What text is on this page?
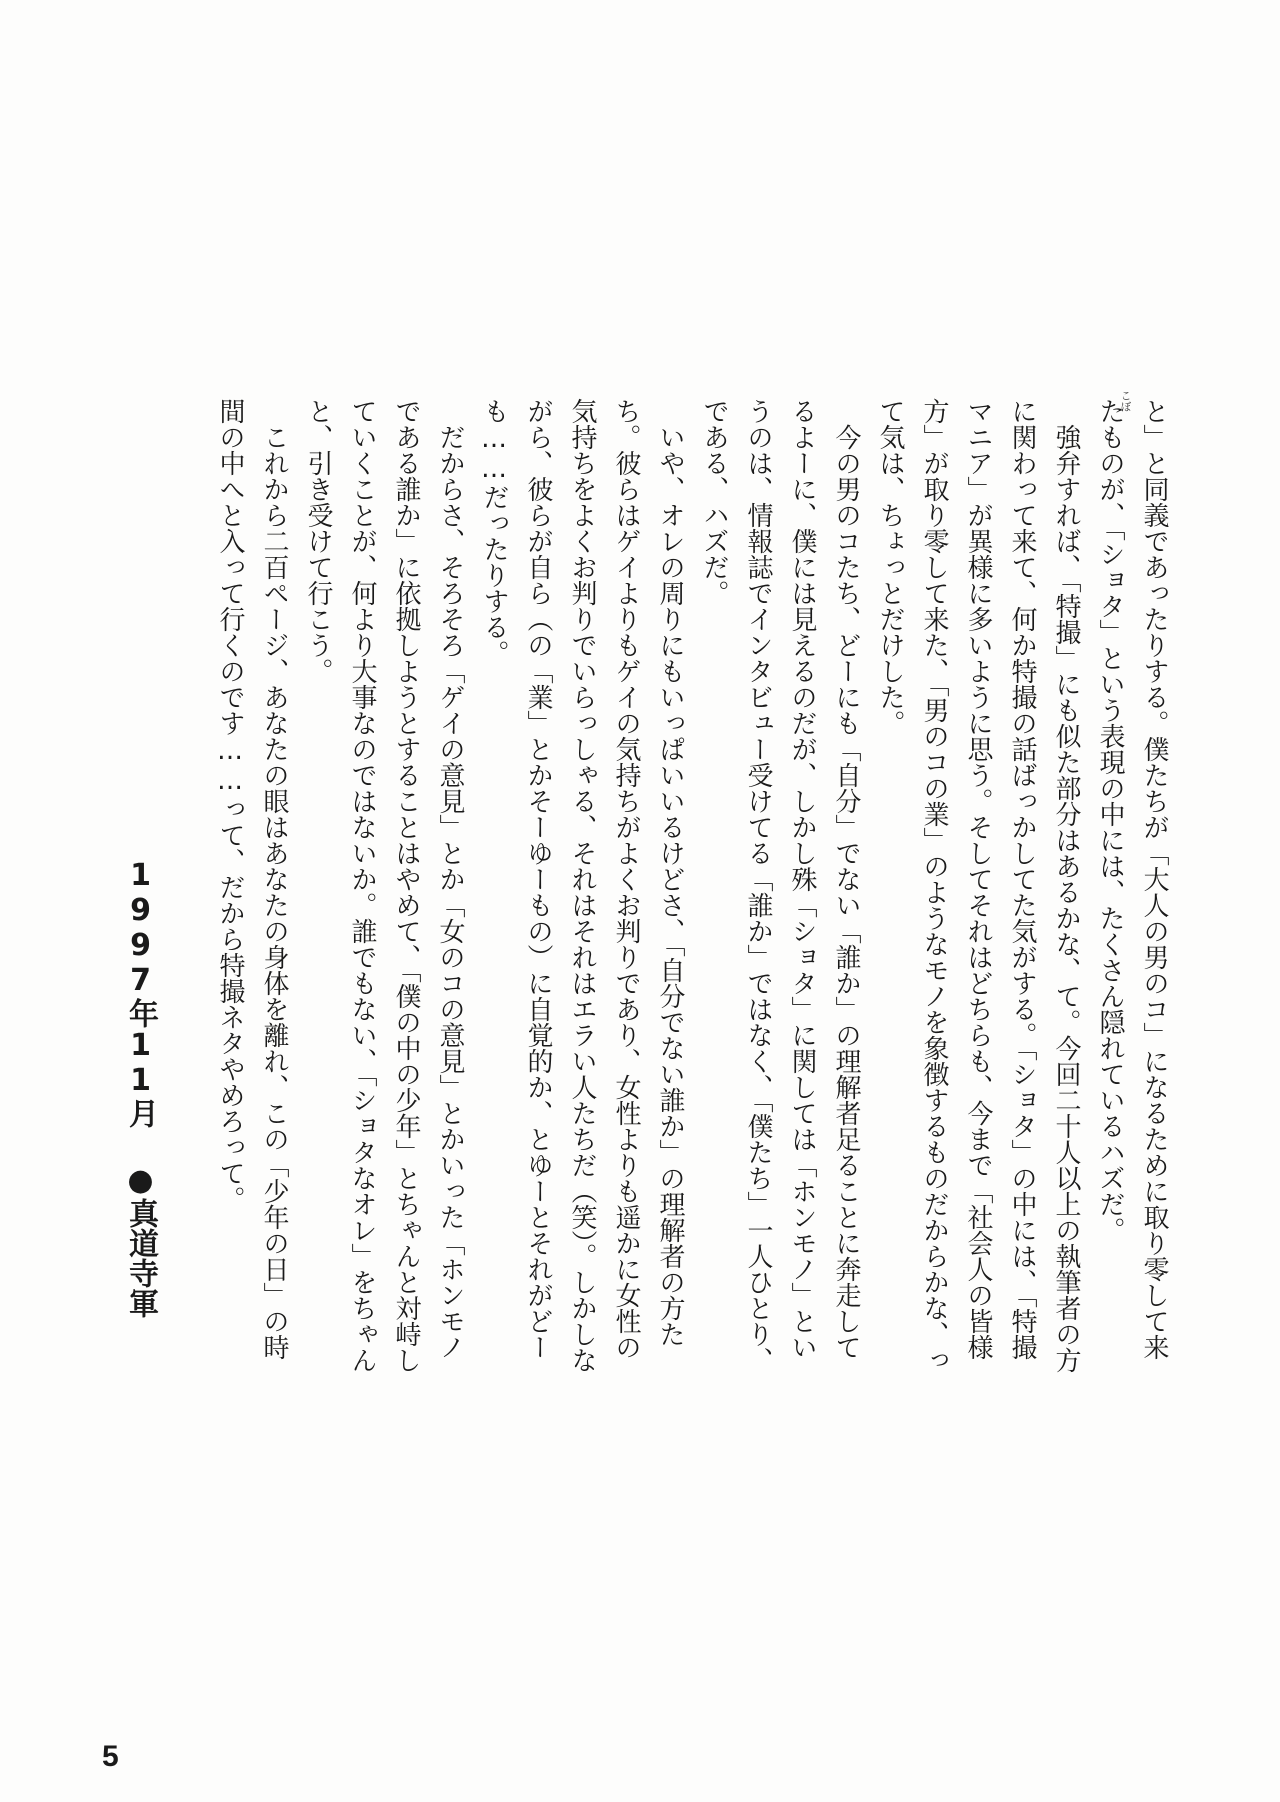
こぼ と」と同義であったりする。僕たちが「大人の男のコ」になるために取り零して来たものが、「ショタ」という表現の中には、たくさん隠れているハズだ。

　強弁すれば、「特撮」にも似た部分はあるかな、て。今回二十人以上の執筆者の方に関わって来て、何か特撮の話ばっかしてた気がする。「ショタ」の中には、「特撮マニア」が異様に多いように思う。そしてそれはどちらも、今まで「社会人の皆様方」が取り零して来た、「男のコの業」のようなモノを象徴するものだからかな、って気は、ちょっとだけした。

　今の男のコたち、どーにも「自分」でない「誰か」の理解者足ることに奔走してるよーに、僕には見えるのだが、しかし殊「ショタ」に関しては「ホンモノ」というのは、情報誌でインタビュー受けてる「誰か」ではなく、「僕たち」一人ひとり、である、ハズだ。

　いや、オレの周りにもいっぱいいるけどさ、「自分でない誰か」の理解者の方たち。彼らはゲイよりもゲイの気持ちがよくお判りであり、女性よりも遥かに女性の気持ちをよくお判りでいらっしゃる、それはそれはエラい人たちだ（笑）。しかしながら、彼らが自ら（の「業」とかそーゆーもの）に自覚的か、とゆーとそれがどーも……だったりする。

　だからさ、そろそろ「ゲイの意見」とか「女のコの意見」とかいった「ホンモノである誰か」に依拠しようとすることはやめて、「僕の中の少年」とちゃんと対峙していくことが、何より大事なのではないか。誰でもない、「ショタなオレ」をちゃんと、引き受けて行こう。

　これから二百ページ、あなたの眼はあなたの身体を離れ、この「少年の日」の時間の中へと入って行くのです……って、だから特撮ネタやめろって。

1997年11月 ●真道寺軍
5
